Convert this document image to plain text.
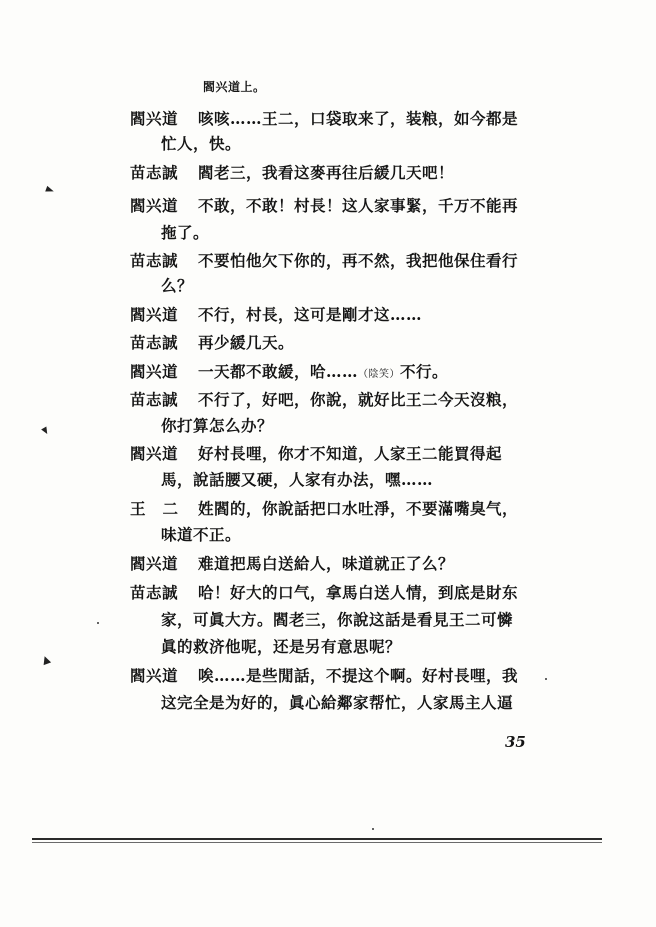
閻兴道上。
閻兴道 咳咳……王二，口袋取来了，装粮，如今都是
忙人，快。
苗志誠 閻老三，我看这麥再往后緩几天吧！
閻兴道 不敢，不敢！村長！这人家事緊，千万不能再
拖了。
苗志誠 不要怕他欠下你的，再不然，我把他保住看行
么？
閻兴道 不行，村長，这可是剛才这……
苗志誠 再少緩几天。
閻兴道 一天都不敢緩，哈……（陰笑）不行。
苗志誠 不行了，好吧，你說，就好比王二今天沒粮，
你打算怎么办？
閻兴道 好村長哩，你才不知道，人家王二能買得起
馬，說話腰又硬，人家有办法，嘿……
王二 姓閻的，你說話把口水吐淨，不要滿嘴臭气，
味道不正。
閻兴道 难道把馬白送給人，味道就正了么？
苗志誠 哈！好大的口气，拿馬白送人情，到底是財东
家，可眞大方。閻老三，你說这話是看見王二可憐
眞的救济他呢，还是另有意思呢？
閻兴道 唉……是些閒話，不提这个啊。好村長哩，我
这完全是为好的，眞心給鄰家帮忙，人家馬主人逼
35
